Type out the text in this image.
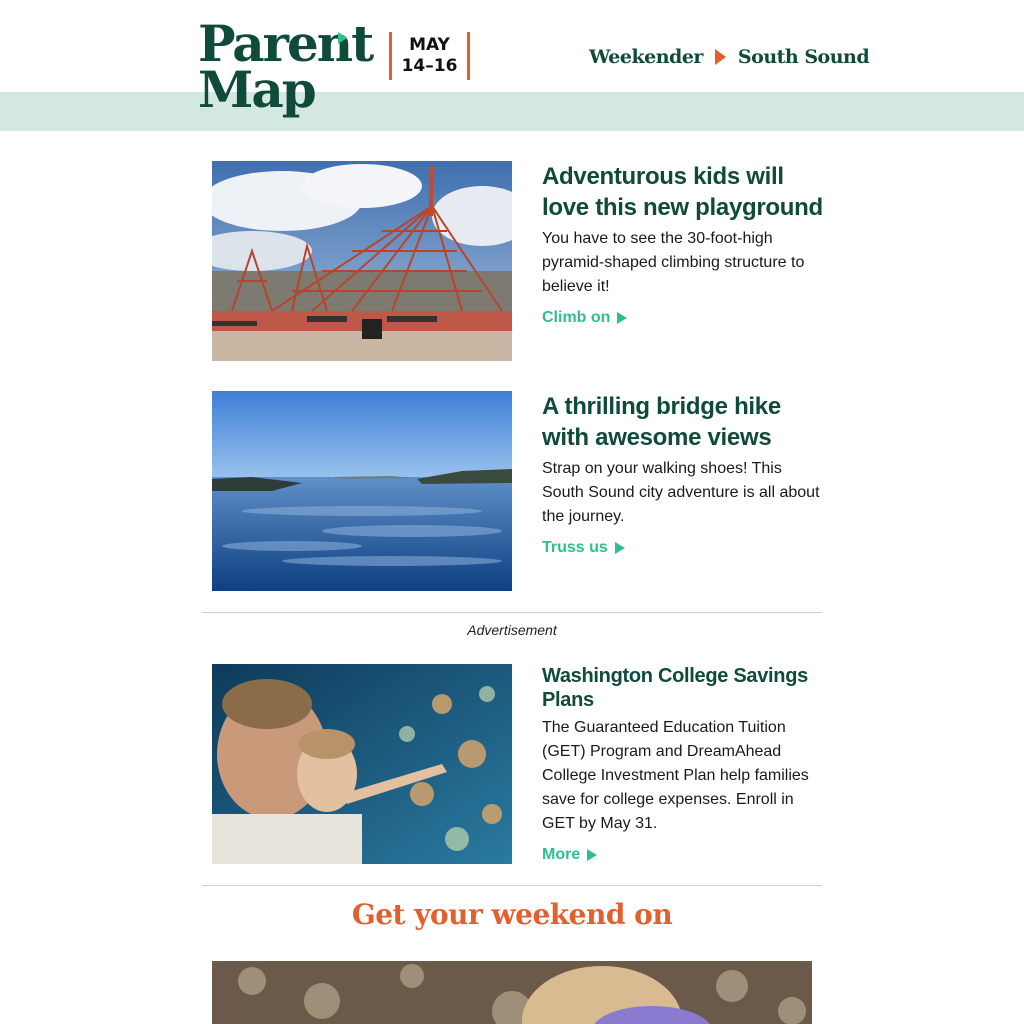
Parent
Map
MAY
14–16	Weekender South Sound
Adventurous kids will love this new playground
You have to see the 30-foot-high pyramid-shaped climbing structure to believe it!
Climb on
A thrilling bridge hike with awesome views
Strap on your walking shoes! This South Sound city adventure is all about the journey.
Truss us
Advertisement
Washington College Savings Plans
The Guaranteed Education Tuition (GET) Program and DreamAhead College Investment Plan help families save for college expenses. Enroll in GET by May 31.
More
Get your weekend on
